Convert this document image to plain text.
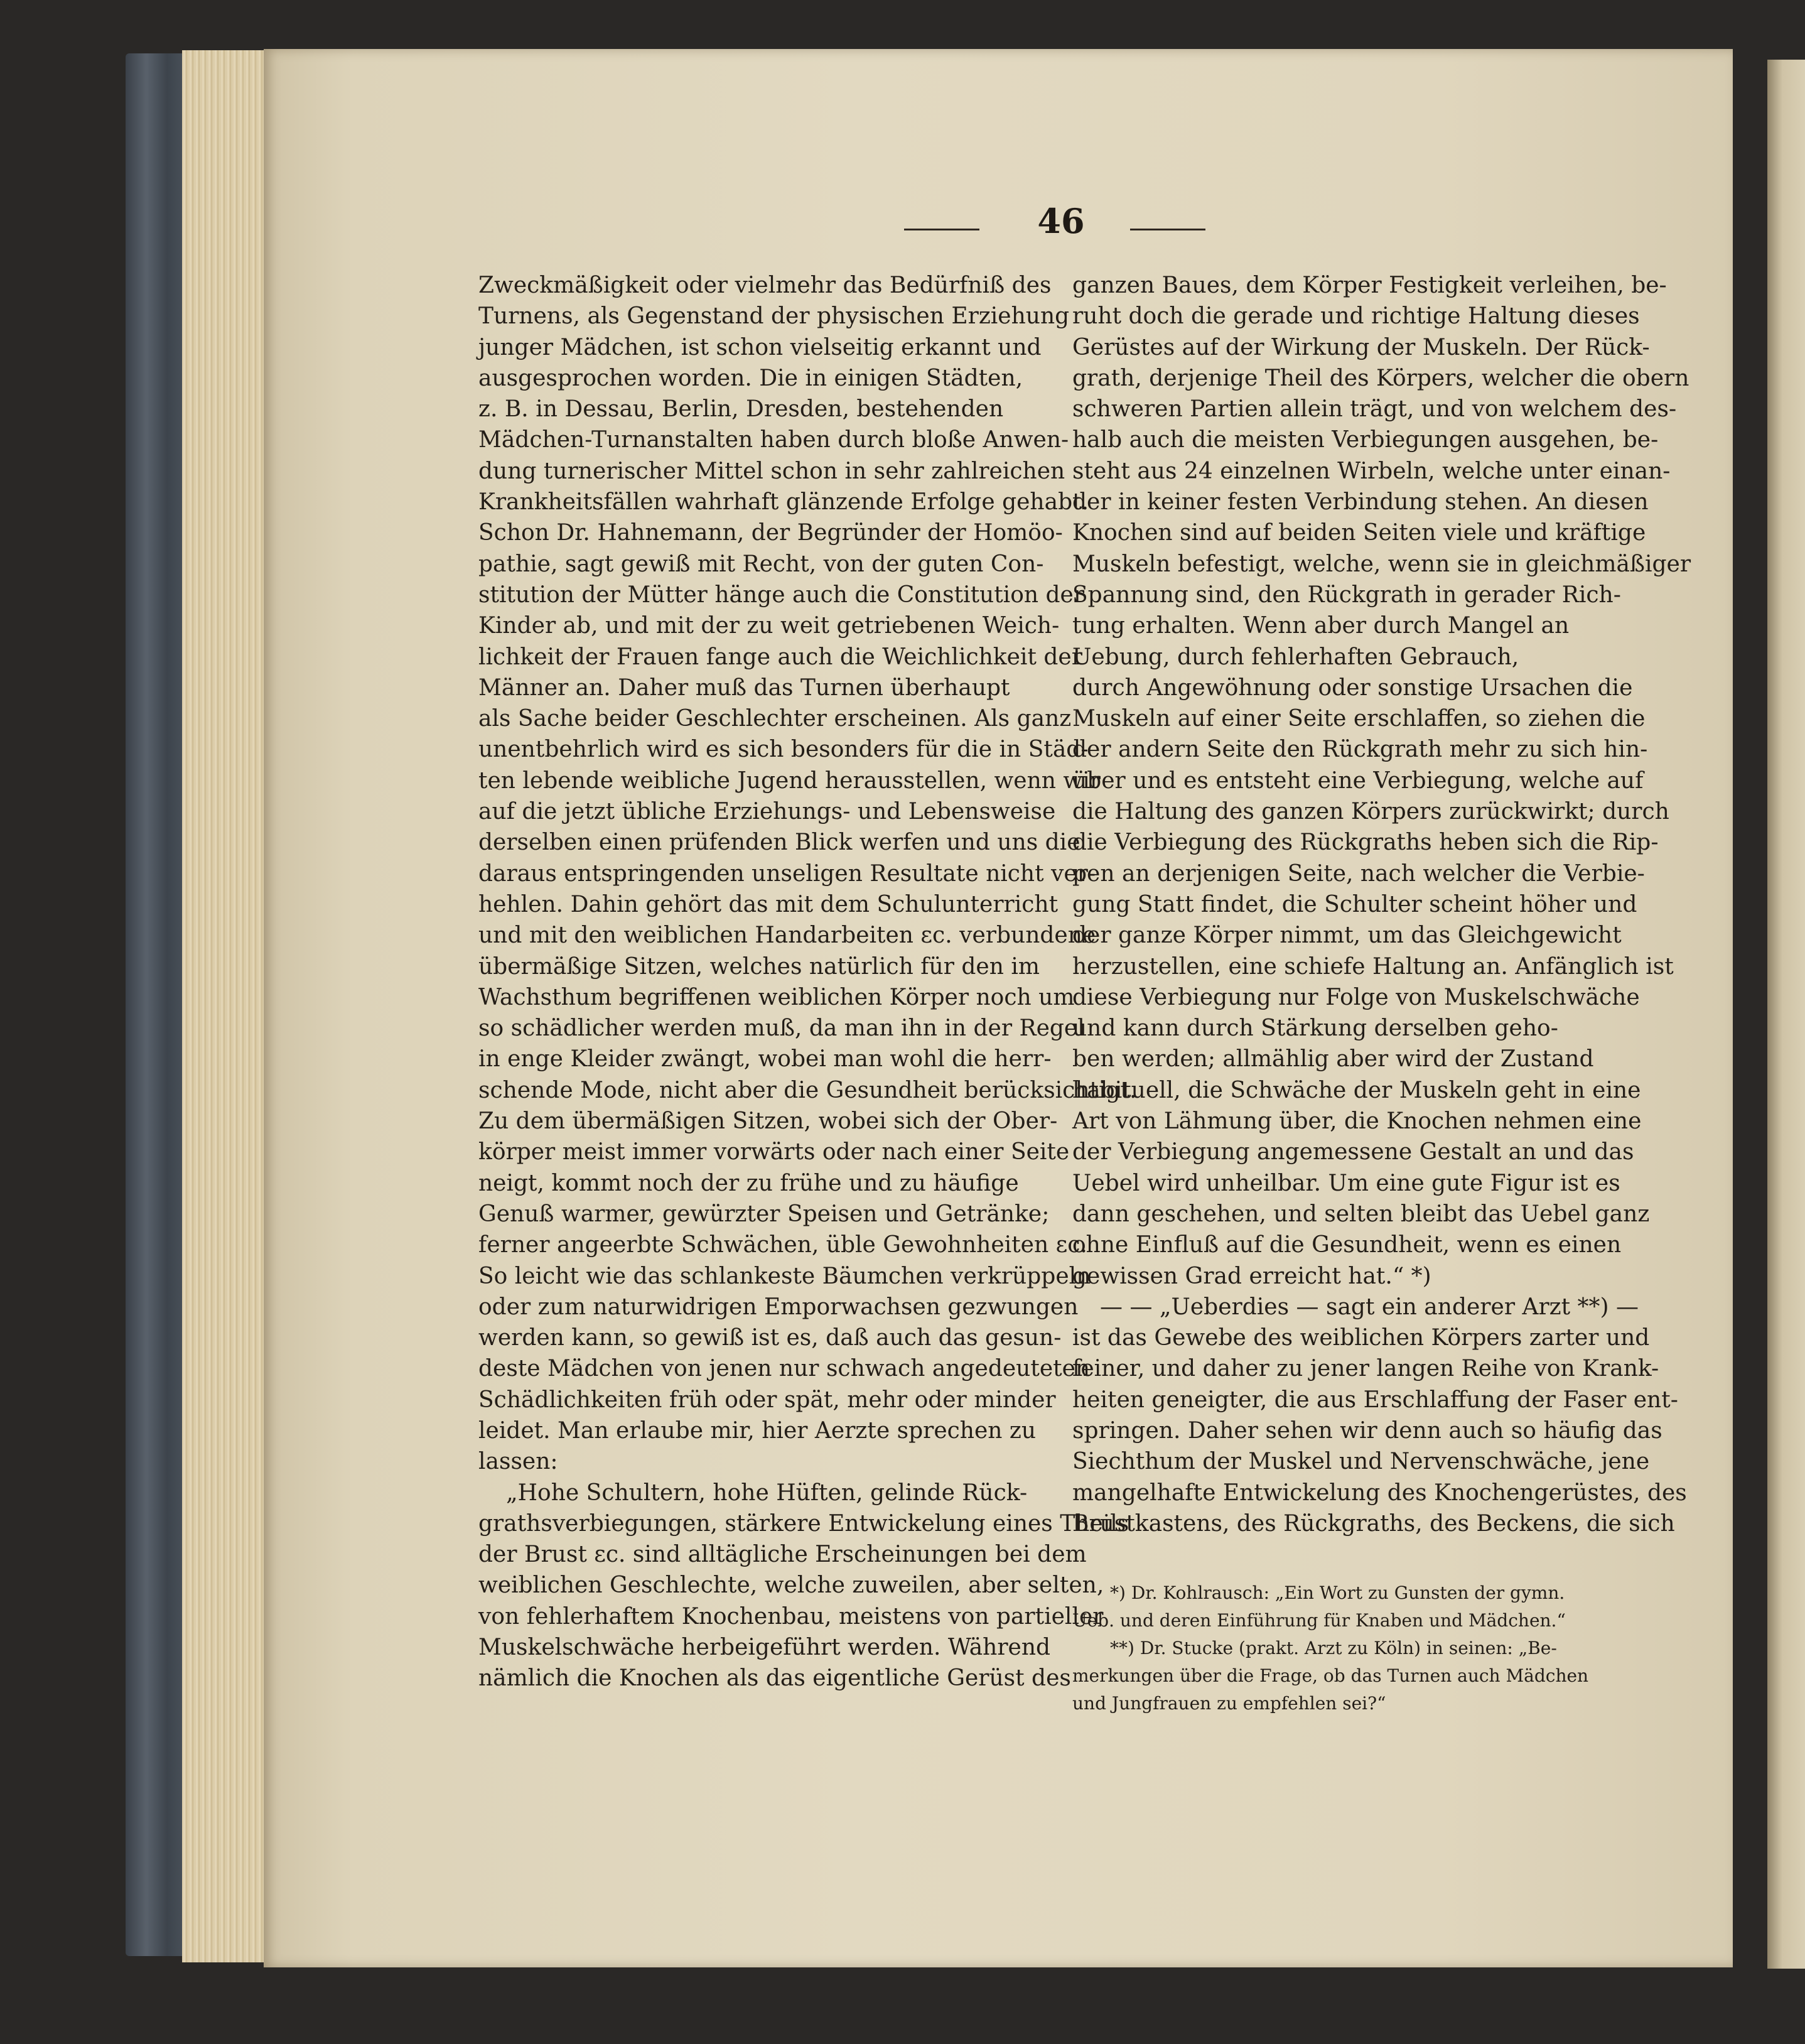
46
Zweckmäßigkeit oder vielmehr das Bedürfniß des
Turnens, als Gegenstand der physischen Erziehung
junger Mädchen, ist schon vielseitig erkannt und
ausgesprochen worden. Die in einigen Städten,
z. B. in Dessau, Berlin, Dresden, bestehenden
Mädchen-Turnanstalten haben durch bloße Anwen-
dung turnerischer Mittel schon in sehr zahlreichen
Krankheitsfällen wahrhaft glänzende Erfolge gehabt.
Schon Dr. Hahnemann, der Begründer der Homöo-
pathie, sagt gewiß mit Recht, von der guten Con-
stitution der Mütter hänge auch die Constitution der
Kinder ab, und mit der zu weit getriebenen Weich-
lichkeit der Frauen fange auch die Weichlichkeit der
Männer an. Daher muß das Turnen überhaupt
als Sache beider Geschlechter erscheinen. Als ganz
unentbehrlich wird es sich besonders für die in Städ-
ten lebende weibliche Jugend herausstellen, wenn wir
auf die jetzt übliche Erziehungs- und Lebensweise
derselben einen prüfenden Blick werfen und uns die
daraus entspringenden unseligen Resultate nicht ver-
hehlen. Dahin gehört das mit dem Schulunterricht
und mit den weiblichen Handarbeiten ɛc. verbundene
übermäßige Sitzen, welches natürlich für den im
Wachsthum begriffenen weiblichen Körper noch um
so schädlicher werden muß, da man ihn in der Regel
in enge Kleider zwängt, wobei man wohl die herr-
schende Mode, nicht aber die Gesundheit berücksichtigt.
Zu dem übermäßigen Sitzen, wobei sich der Ober-
körper meist immer vorwärts oder nach einer Seite
neigt, kommt noch der zu frühe und zu häufige
Genuß warmer, gewürzter Speisen und Getränke;
ferner angeerbte Schwächen, üble Gewohnheiten ɛc.
So leicht wie das schlankeste Bäumchen verkrüppeln
oder zum naturwidrigen Emporwachsen gezwungen
werden kann, so gewiß ist es, daß auch das gesun-
deste Mädchen von jenen nur schwach angedeuteten
Schädlichkeiten früh oder spät, mehr oder minder
leidet. Man erlaube mir, hier Aerzte sprechen zu
lassen:
„Hohe Schultern, hohe Hüften, gelinde Rück-
grathsverbiegungen, stärkere Entwickelung eines Theils
der Brust ɛc. sind alltägliche Erscheinungen bei dem
weiblichen Geschlechte, welche zuweilen, aber selten,
von fehlerhaftem Knochenbau, meistens von partieller
Muskelschwäche herbeigeführt werden. Während
nämlich die Knochen als das eigentliche Gerüst des
ganzen Baues, dem Körper Festigkeit verleihen, be-
ruht doch die gerade und richtige Haltung dieses
Gerüstes auf der Wirkung der Muskeln. Der Rück-
grath, derjenige Theil des Körpers, welcher die obern
schweren Partien allein trägt, und von welchem des-
halb auch die meisten Verbiegungen ausgehen, be-
steht aus 24 einzelnen Wirbeln, welche unter einan-
der in keiner festen Verbindung stehen. An diesen
Knochen sind auf beiden Seiten viele und kräftige
Muskeln befestigt, welche, wenn sie in gleichmäßiger
Spannung sind, den Rückgrath in gerader Rich-
tung erhalten. Wenn aber durch Mangel an
Uebung, durch fehlerhaften Gebrauch,
durch Angewöhnung oder sonstige Ursachen die
Muskeln auf einer Seite erschlaffen, so ziehen die
der andern Seite den Rückgrath mehr zu sich hin-
über und es entsteht eine Verbiegung, welche auf
die Haltung des ganzen Körpers zurückwirkt; durch
die Verbiegung des Rückgraths heben sich die Rip-
pen an derjenigen Seite, nach welcher die Verbie-
gung Statt findet, die Schulter scheint höher und
der ganze Körper nimmt, um das Gleichgewicht
herzustellen, eine schiefe Haltung an. Anfänglich ist
diese Verbiegung nur Folge von Muskelschwäche
und kann durch Stärkung derselben geho-
ben werden; allmählig aber wird der Zustand
habituell, die Schwäche der Muskeln geht in eine
Art von Lähmung über, die Knochen nehmen eine
der Verbiegung angemessene Gestalt an und das
Uebel wird unheilbar. Um eine gute Figur ist es
dann geschehen, und selten bleibt das Uebel ganz
ohne Einfluß auf die Gesundheit, wenn es einen
gewissen Grad erreicht hat.“ *)
— — „Ueberdies — sagt ein anderer Arzt **) —
ist das Gewebe des weiblichen Körpers zarter und
feiner, und daher zu jener langen Reihe von Krank-
heiten geneigter, die aus Erschlaffung der Faser ent-
springen. Daher sehen wir denn auch so häufig das
Siechthum der Muskel und Nervenschwäche, jene
mangelhafte Entwickelung des Knochengerüstes, des
Brustkastens, des Rückgraths, des Beckens, die sich
*) Dr. Kohlrausch: „Ein Wort zu Gunsten der gymn.
Ueb. und deren Einführung für Knaben und Mädchen.“
**) Dr. Stucke (prakt. Arzt zu Köln) in seinen: „Be-
merkungen über die Frage, ob das Turnen auch Mädchen
und Jungfrauen zu empfehlen sei?“
